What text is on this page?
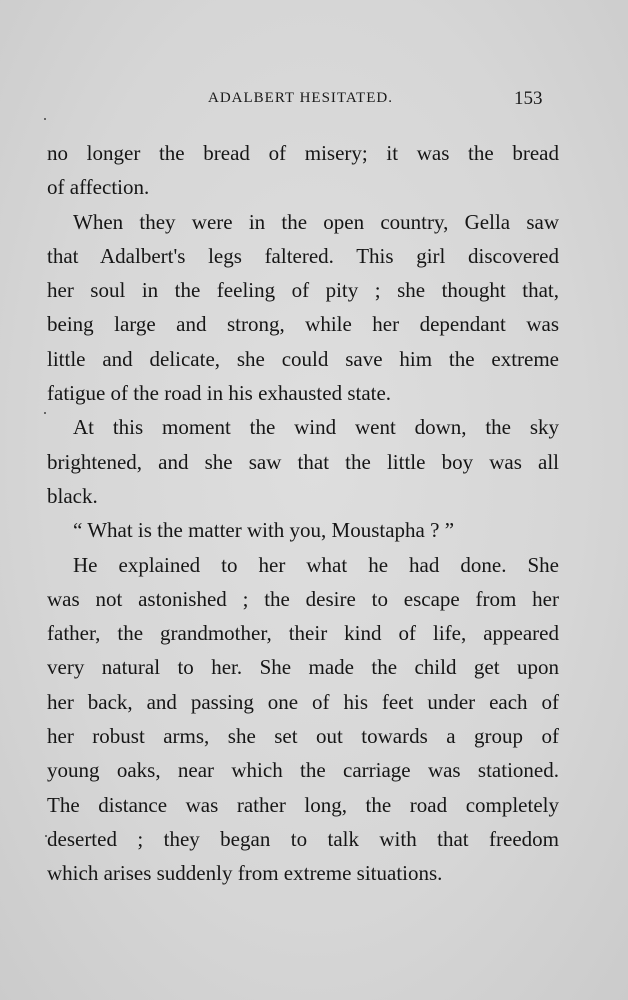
ADALBERT HESITATED.	153
no longer the bread of misery; it was the bread
of affection.
When they were in the open country, Gella saw
that Adalbert's legs faltered. This girl discovered
her soul in the feeling of pity ; she thought that,
being large and strong, while her dependant was
little and delicate, she could save him the extreme
fatigue of the road in his exhausted state.
At this moment the wind went down, the sky
brightened, and she saw that the little boy was all
black.
“ What is the matter with you, Moustapha ? ”
He explained to her what he had done. She
was not astonished ; the desire to escape from her
father, the grandmother, their kind of life, appeared
very natural to her. She made the child get upon
her back, and passing one of his feet under each of
her robust arms, she set out towards a group of
young oaks, near which the carriage was stationed.
The distance was rather long, the road completely
deserted ; they began to talk with that freedom
which arises suddenly from extreme situations.
